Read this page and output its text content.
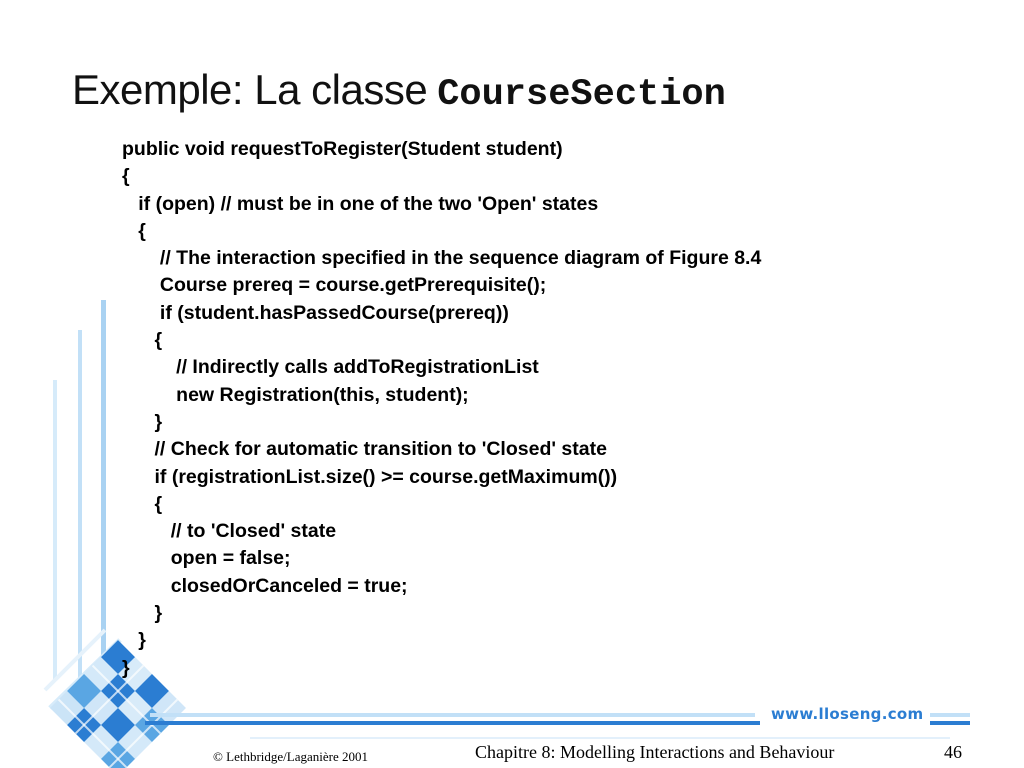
Exemple: La classe CourseSection
public void requestToRegister(Student student)
{
if (open) // must be in one of the two 'Open' states
{
// The interaction specified in the sequence diagram of Figure 8.4
Course prereq = course.getPrerequisite();
if (student.hasPassedCourse(prereq))
{
// Indirectly calls addToRegistrationList
new Registration(this, student);
}
// Check for automatic transition to 'Closed' state
if (registrationList.size() >= course.getMaximum())
{
// to 'Closed' state
open = false;
closedOrCanceled = true;
}
}
}
www.lloseng.com
© Lethbridge/Laganière 2001	Chapitre 8: Modelling Interactions and Behaviour	46
